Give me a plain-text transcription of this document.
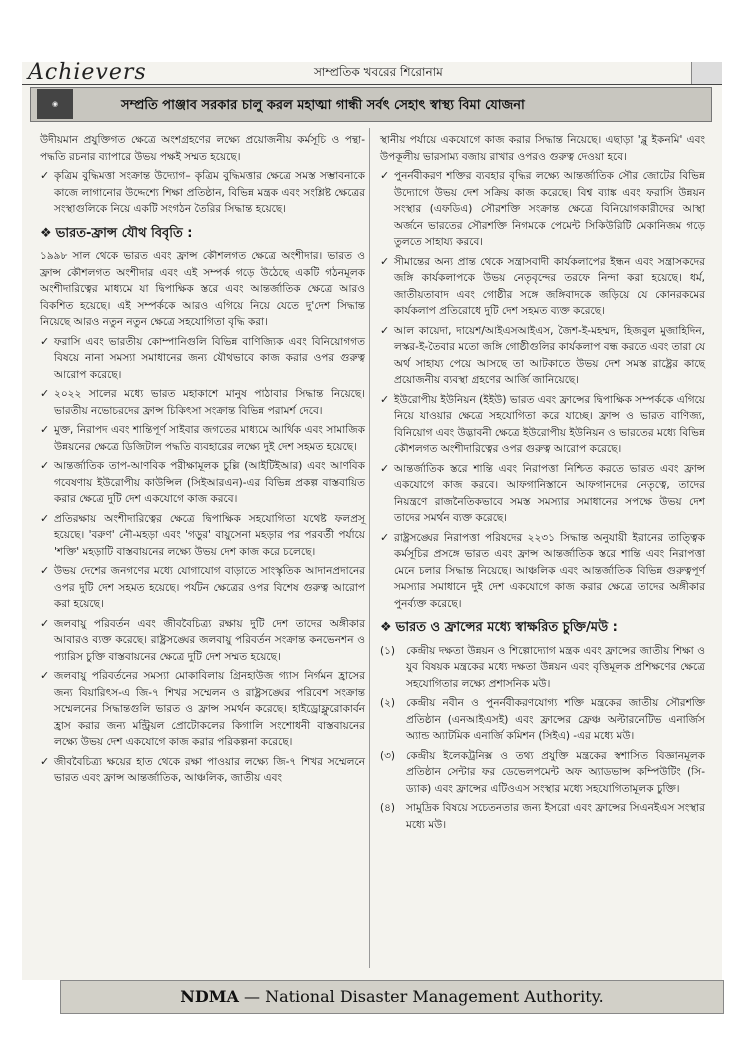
Achievers	সাম্প্রতিক খবরের শিরোনাম
◉	সম্প্রতি পাঞ্জাব সরকার চালু করল মহাত্মা গান্ধী সর্বৎ সেহাৎ স্বাস্থ্য বিমা যোজনা

উদীয়মান প্রযুক্তিগত ক্ষেত্রে অংশগ্রহণের লক্ষ্যে প্রয়োজনীয় কর্মসূচি ও পন্থা-পদ্ধতি রচনার ব্যাপারে উভয় পক্ষই সম্মত হয়েছে।

✓ কৃত্রিম বুদ্ধিমত্তা সংক্রান্ত উদ্যোগ– কৃত্রিম বুদ্ধিমত্তার ক্ষেত্রে সমস্ত সম্ভাবনাকে কাজে লাগানোর উদ্দেশ্যে শিক্ষা প্রতিষ্ঠান, বিভিন্ন মন্ত্রক এবং সংশ্লিষ্ট ক্ষেত্রের সংস্থাগুলিকে নিয়ে একটি সংগঠন তৈরির সিদ্ধান্ত হয়েছে।
❖ ভারত-ফ্রান্স যৌথ বিবৃতি :

১৯৯৮ সাল থেকে ভারত এবং ফ্রান্স কৌশলগত ক্ষেত্রে অংশীদার। ভারত ও ফ্রান্স কৌশলগত অংশীদার এবং এই সম্পর্ক গড়ে উঠেছে একটি গঠনমূলক অংশীদারিত্বের মাধ্যমে যা দ্বিপাক্ষিক স্তরে এবং আন্তর্জাতিক ক্ষেত্রে আরও বিকশিত হয়েছে। এই সম্পর্ককে আরও এগিয়ে নিয়ে যেতে দু'দেশ সিদ্ধান্ত নিয়েছে আরও নতুন নতুন ক্ষেত্রে সহযোগিতা বৃদ্ধি করা।

✓ ফরাসি এবং ভারতীয় কোম্পানিগুলি বিভিন্ন বাণিজ্যিক এবং বিনিয়োগগত বিষয়ে নানা সমস্যা সমাধানের জন্য যৌথভাবে কাজ করার ওপর গুরুত্ব আরোপ করেছে।
✓ ২০২২ সালের মধ্যে ভারত মহাকাশে মানুষ পাঠাবার সিদ্ধান্ত নিয়েছে। ভারতীয় নভোচরদের ফ্রান্স চিকিৎসা সংক্রান্ত বিভিন্ন পরামর্শ দেবে।
✓ মুক্ত, নিরাপদ এবং শান্তিপূর্ণ সাইবার জগতের মাধ্যমে আর্থিক এবং সামাজিক উন্নয়নের ক্ষেত্রে ডিজিটাল পদ্ধতি ব্যবহারের লক্ষ্যে দুই দেশ সহমত হয়েছে।
✓ আন্তর্জাতিক তাপ-আণবিক পরীক্ষামূলক চুল্লি (আইটিইআর) এবং আণবিক গবেষণায় ইউরোপীয় কাউন্সিল (সিইআরএন)-এর বিভিন্ন প্রকল্প বাস্তবায়িত করার ক্ষেত্রে দুটি দেশ একযোগে কাজ করবে।
✓ প্রতিরক্ষায় অংশীদারিত্বের ক্ষেত্রে দ্বিপাক্ষিক সহযোগিতা যথেষ্ট ফলপ্রসূ হয়েছে। 'বরুণ' নৌ-মহড়া এবং 'গড়ুর' বায়ুসেনা মহড়ার পর পরবর্তী পর্যায়ে 'শক্তি' মহড়াটি বাস্তবায়নের লক্ষ্যে উভয় দেশ কাজ করে চলেছে।
✓ উভয় দেশের জনগণের মধ্যে যোগাযোগ বাড়াতে সাংস্কৃতিক আদানপ্রদানের ওপর দুটি দেশ সহমত হয়েছে। পর্যটন ক্ষেত্রের ওপর বিশেষ গুরুত্ব আরোপ করা হয়েছে।
✓ জলবায়ু পরিবর্তন এবং জীববৈচিত্র্য রক্ষায় দুটি দেশ তাদের অঙ্গীকার আবারও ব্যক্ত করেছে। রাষ্ট্রসঙ্ঘের জলবায়ু পরিবর্তন সংক্রান্ত কনভেনশন ও প্যারিস চুক্তি বাস্তবায়নের ক্ষেত্রে দুটি দেশ সম্মত হয়েছে।
✓ জলবায়ু পরিবর্তনের সমস্যা মোকাবিলায় গ্রিনহাউজ গ্যাস নির্গমন হ্রাসের জন্য বিয়ারিৎস-এ জি-৭ শিখর সম্মেলন ও রাষ্ট্রসঙ্ঘের পরিবেশ সংক্রান্ত সম্মেলনের সিদ্ধান্তগুলি ভারত ও ফ্রান্স সমর্থন করেছে। হাইড্রোফ্লুরোকার্বন হ্রাস করার জন্য মন্ট্রিয়ল প্রোটোকলের কিগালি সংশোধনী বাস্তবায়নের লক্ষ্যে উভয় দেশ একযোগে কাজ করার পরিকল্পনা করেছে।
✓ জীববৈচিত্র্য ক্ষয়ের হাত থেকে রক্ষা পাওয়ার লক্ষ্যে জি-৭ শিখর সম্মেলনে ভারত এবং ফ্রান্স আন্তর্জাতিক, আঞ্চলিক, জাতীয় এবং

স্থানীয় পর্যায়ে একযোগে কাজ করার সিদ্ধান্ত নিয়েছে। এছাড়া 'ব্লু ইকনমি' এবং উপকূলীয় ভারসাম্য বজায় রাখার ওপরও গুরুত্ব দেওয়া হবে।

✓ পুনর্নবীকরণ শক্তির ব্যবহার বৃদ্ধির লক্ষ্যে আন্তর্জাতিক সৌর জোটের বিভিন্ন উদ্যোগে উভয় দেশ সক্রিয় কাজ করেছে। বিশ্ব ব্যাঙ্ক এবং ফরাসি উন্নয়ন সংস্থার (এফডিএ) সৌরশক্তি সংক্রান্ত ক্ষেত্রে বিনিয়োগকারীদের আস্থা অর্জনে ভারতের সৌরশক্তি নিগমকে পেমেন্ট সিকিউরিটি মেকানিজম গড়ে তুলতে সাহায্য করবে।
✓ সীমান্তের অন্য প্রান্ত থেকে সন্ত্রাসবাদী কার্যকলাপের ইন্ধন এবং সন্ত্রাসকদের জঙ্গি কার্যকলাপকে উভয় নেতৃবৃন্দের তরফে নিন্দা করা হয়েছে। ধর্ম, জাতীয়তাবাদ এবং গোষ্ঠীর সঙ্গে জঙ্গিবাদকে জড়িয়ে যে কোনরকমের কার্যকলাপ প্রতিরোধে দুটি দেশ সহমত ব্যক্ত করেছে।
✓ আল কায়েদা, দায়েশ/আইএসআইএস, জৈশ-ই-মহম্মদ, হিজবুল মুজাহিদিন, লস্কর-ই-তৈবার মতো জঙ্গি গোষ্ঠীগুলির কার্যকলাপ বন্ধ করতে এবং তারা যে অর্থ সাহায্য পেয়ে আসছে তা আটকাতে উভয় দেশ সমস্ত রাষ্ট্রের কাছে প্রয়োজনীয় ব্যবস্থা গ্রহণের আর্জি জানিয়েছে।
✓ ইউরোপীয় ইউনিয়ন (ইইউ) ভারত এবং ফ্রান্সের দ্বিপাক্ষিক সম্পর্ককে এগিয়ে নিয়ে যাওয়ার ক্ষেত্রে সহযোগিতা করে যাচ্ছে। ফ্রান্স ও ভারত বাণিজ্য, বিনিয়োগ এবং উদ্ভাবনী ক্ষেত্রে ইউরোপীয় ইউনিয়ন ও ভারতের মধ্যে বিভিন্ন কৌশলগত অংশীদারিত্বের ওপর গুরুত্ব আরোপ করেছে।
✓ আন্তর্জাতিক স্তরে শান্তি এবং নিরাপত্তা নিশ্চিত করতে ভারত এবং ফ্রান্স একযোগে কাজ করবে। আফগানিস্তানে আফগানদের নেতৃত্বে, তাদের নিয়ন্ত্রণে রাজনৈতিকভাবে সমস্ত সমস্যার সমাধানের সপক্ষে উভয় দেশ তাদের সমর্থন ব্যক্ত করেছে।
✓ রাষ্ট্রসঙ্ঘের নিরাপত্তা পরিষদের ২২৩১ সিদ্ধান্ত অনুযায়ী ইরানের তাত্ত্বিক কর্মসূচির প্রসঙ্গে ভারত এবং ফ্রান্স আন্তর্জাতিক স্তরে শান্তি এবং নিরাপত্তা মেনে চলার সিদ্ধান্ত নিয়েছে। আঞ্চলিক এবং আন্তর্জাতিক বিভিন্ন গুরুত্বপূর্ণ সমস্যার সমাধানে দুই দেশ একযোগে কাজ করার ক্ষেত্রে তাদের অঙ্গীকার পুনর্ব্যক্ত করেছে।
❖ ভারত ও ফ্রান্সের মধ্যে স্বাক্ষরিত চুক্তি/মউ :
(১) কেন্দ্রীয় দক্ষতা উন্নয়ন ও শিল্পোদ্যোগ মন্ত্রক এবং ফ্রান্সের জাতীয় শিক্ষা ও যুব বিষয়ক মন্ত্রকের মধ্যে দক্ষতা উন্নয়ন এবং বৃত্তিমূলক প্রশিক্ষণের ক্ষেত্রে সহযোগিতার লক্ষ্যে প্রশাসনিক মউ।
(২) কেন্দ্রীয় নবীন ও পুনর্নবীকরণযোগ্য শক্তি মন্ত্রকের জাতীয় সৌরশক্তি প্রতিষ্ঠান (এনআইএসই) এবং ফ্রান্সের ফ্রেঞ্চ অল্টারনেটিভ এনার্জিস অ্যান্ড অ্যাটমিক এনার্জি কমিশন (সিইএ) -এর মধ্যে মউ।
(৩) কেন্দ্রীয় ইলেকট্রনিক্স ও তথ্য প্রযুক্তি মন্ত্রকের স্বশাসিত বিজ্ঞানমূলক প্রতিষ্ঠান সেন্টার ফর ডেভেলপমেন্ট অফ অ্যাডভান্স কম্পিউটিং (সি-ড্যাক) এবং ফ্রান্সের এটিওএস সংস্থার মধ্যে সহযোগিতামূলক চুক্তি।
(৪) সামুদ্রিক বিষয়ে সচেতনতার জন্য ইসরো এবং ফ্রান্সের সিএনইএস সংস্থার মধ্যে মউ।
NDMA — National Disaster Management Authority.
